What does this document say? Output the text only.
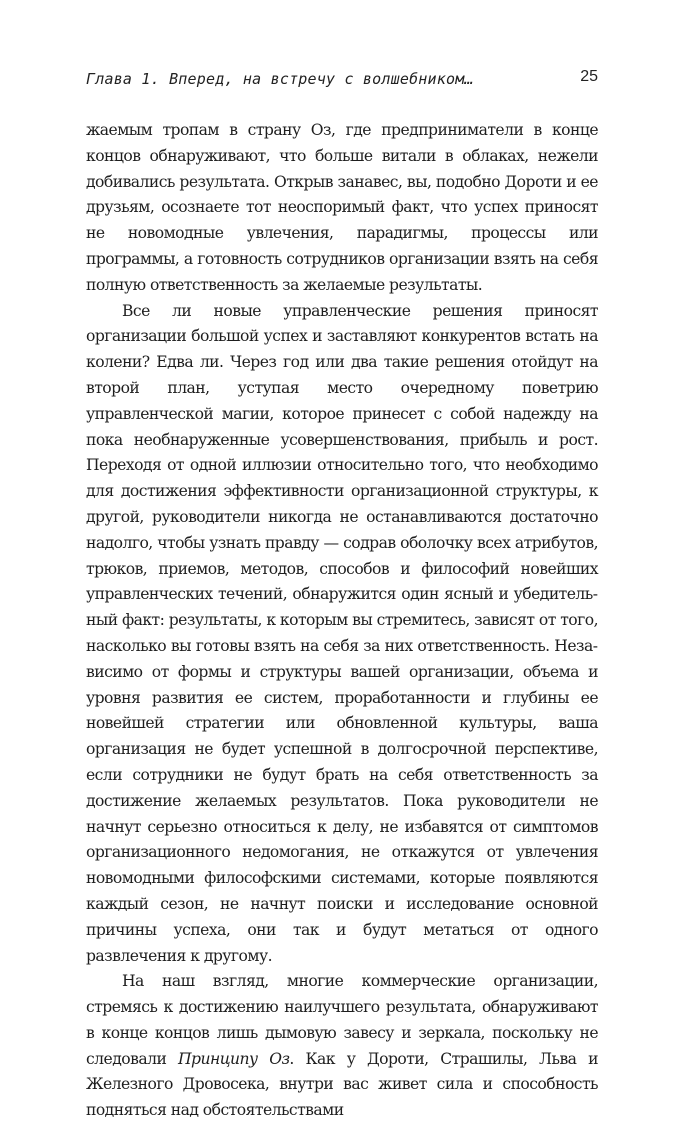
Глава 1. Вперед, на встречу с волшебником…	25

жаемым тропам в страну Оз, где предприниматели в конце концов обнаруживают, что больше витали в облаках, нежели добивались результата. Открыв занавес, вы, подобно Дороти и ее друзьям, осознаете тот неоспоримый факт, что успех приносят не новомодные увлечения, парадигмы, процессы или программы, а готовность сотрудников организации взять на себя полную ответственность за желаемые результаты.

Все ли новые управленческие решения приносят организации большой успех и заставляют конкурентов встать на колени? Едва ли. Через год или два такие решения отойдут на второй план, уступая место очередному поветрию управленческой магии, которое принесет с собой надежду на пока необнаруженные усовершенствования, прибыль и рост. Переходя от одной иллюзии относительно того, что необходимо для достижения эффективности организационной структуры, к другой, руководители никогда не останавливаются достаточно надолго, чтобы узнать правду — содрав оболочку всех атрибутов, трюков, приемов, методов, способов и философий новейших управленческих течений, обнаружится один ясный и убедительный факт: результаты, к которым вы стремитесь, зависят от того, насколько вы готовы взять на себя за них ответственность. Независимо от формы и структуры вашей организации, объема и уровня развития ее систем, проработанности и глубины ее новейшей стратегии или обновленной культуры, ваша организация не будет успешной в долгосрочной перспективе, если сотрудники не будут брать на себя ответственность за достижение желаемых результатов. Пока руководители не начнут серьезно относиться к делу, не избавятся от симптомов организационного недомогания, не откажутся от увлечения новомодными философскими системами, которые появляются каждый сезон, не начнут поиски и исследование основной причины успеха, они так и будут метаться от одного развлечения к другому.

На наш взгляд, многие коммерческие организации, стремясь к достижению наилучшего результата, обнаруживают в конце концов лишь дымовую завесу и зеркала, поскольку не следовали Принципу Оз. Как у Дороти, Страшилы, Льва и Железного Дровосека, внутри вас живет сила и способность подняться над обстоятельствами
